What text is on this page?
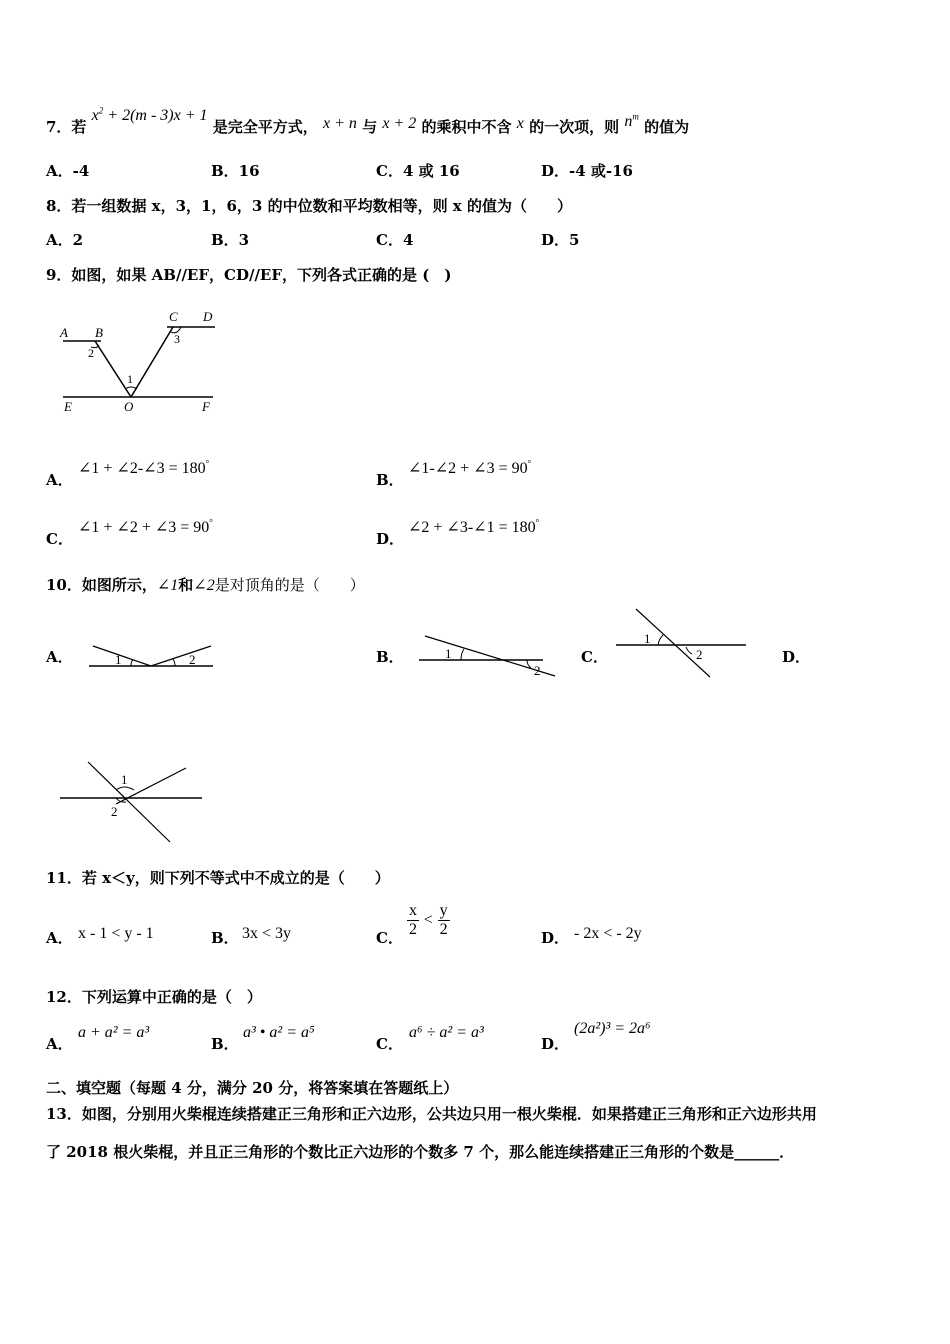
7．若 $x^2 + 2(m - 3)x + 1$ 是完全平方式， x + n 与 x + 2 的乘积中不含 x 的一次项，则 $n^m$ 的值为
A．-4	B．16	C．4 或 16	D．-4 或-16
8．若一组数据 x，3，1，6，3 的中位数和平均数相等，则 x 的值为（　　）
A．2	B．3	C．4	D．5
9．如图，如果 AB//EF，CD//EF，下列各式正确的是 (　)
A B
C D
2
3
1
E	O	F
A．
∠1 + ∠2-∠3 = 180°
B．
∠1-∠2 + ∠3 = 90°
C．
∠1 + ∠2 + ∠3 = 90°
D．
∠2 + ∠3-∠1 = 180°
10．如图所示，∠1和∠2是对顶角的是（　　）
A．	1	2	B．	1
2
C．
1
2	D．
1
2
11．若 x＜y，则下列不等式中不成立的是（　　）
A． x - 1 < y - 1	B． 3x < 3y	C． $\frac{x}{2} < \frac{y}{2}$	D． - 2x < - 2y
12．下列运算中正确的是（　）
A．
a + a² = a³
B．
a³ • a² = a⁵
C．
a⁶ ÷ a² = a³
D．
(2a²)³ = 2a⁶
二、填空题（每题 4 分，满分 20 分，将答案填在答题纸上）
13．如图，分别用火柴棍连续搭建正三角形和正六边形，公共边只用一根火柴棍．如果搭建正三角形和正六边形共用
了 2018 根火柴棍，并且正三角形的个数比正六边形的个数多 7 个，那么能连续搭建正三角形的个数是______．
